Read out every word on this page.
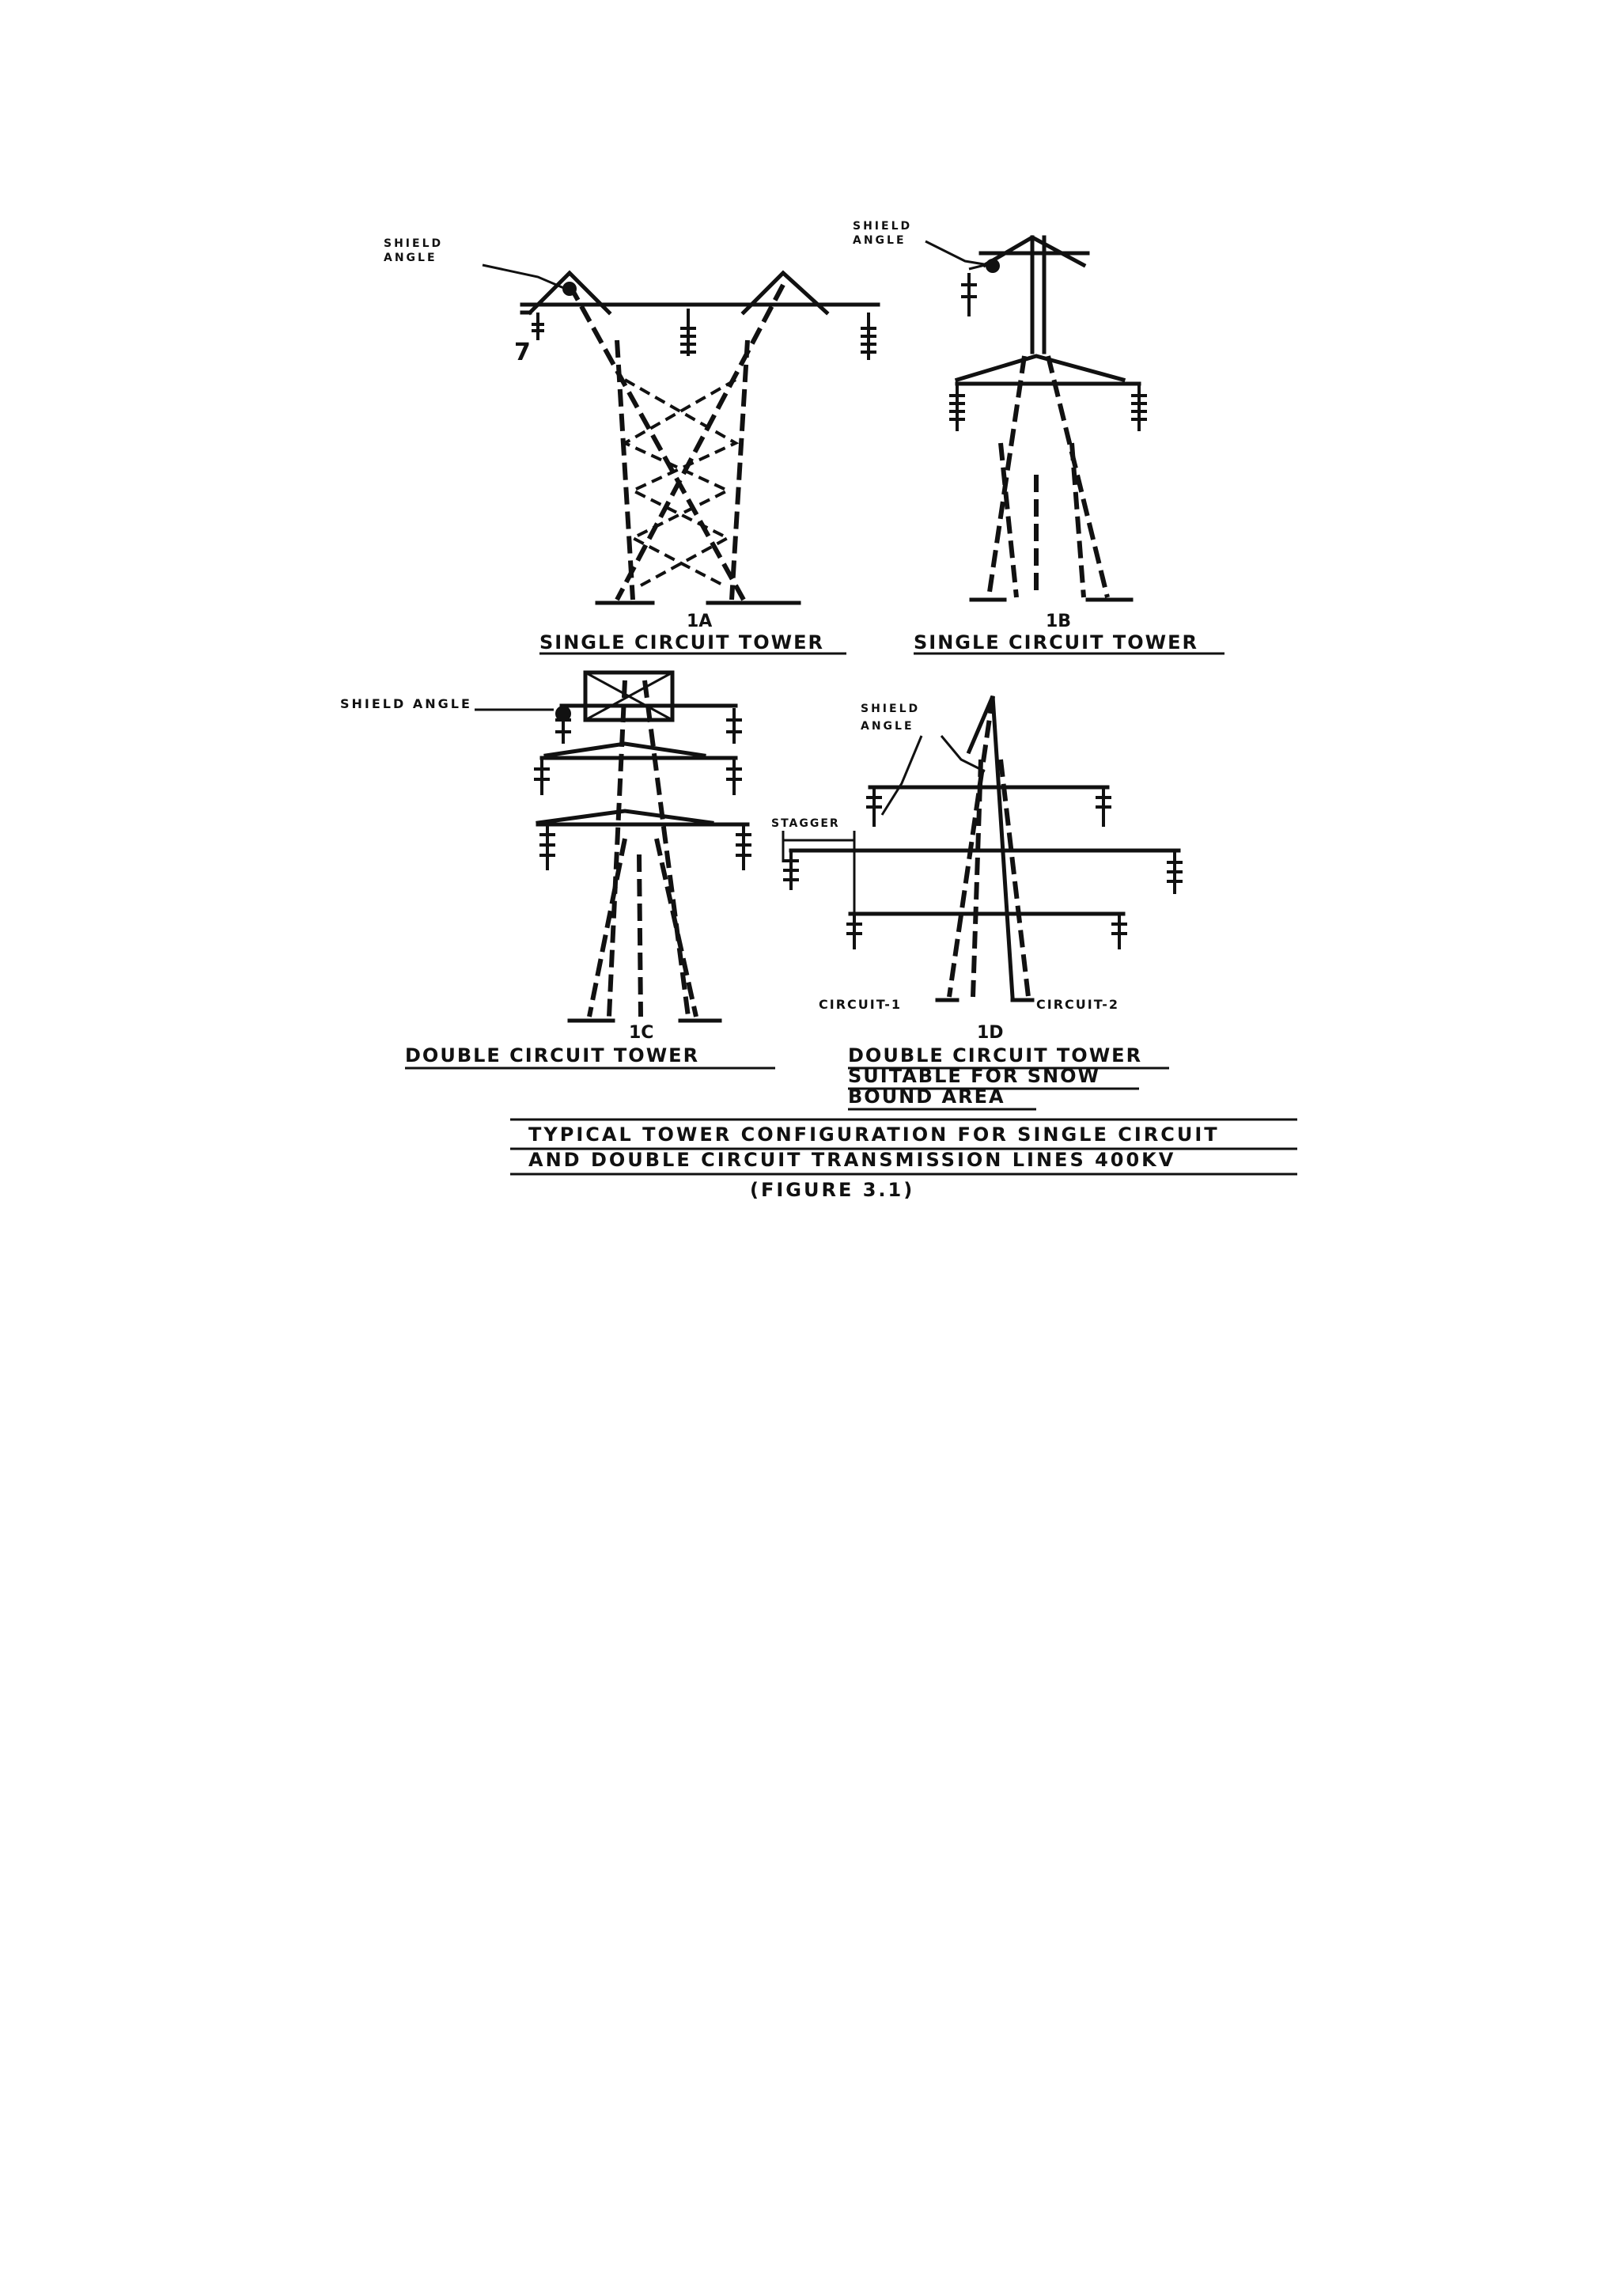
7
SHIELD
ANGLE
1A
SINGLE CIRCUIT TOWER
SHIELD
ANGLE
1B
SINGLE CIRCUIT TOWER
SHIELD ANGLE
1C
DOUBLE CIRCUIT TOWER
SHIELD
ANGLE
STAGGER
CIRCUIT-1	CIRCUIT-2
1D
DOUBLE CIRCUIT TOWER
SUITABLE FOR SNOW
BOUND AREA
TYPICAL TOWER CONFIGURATION FOR SINGLE CIRCUIT
AND DOUBLE CIRCUIT TRANSMISSION LINES 400KV
(FIGURE 3.1)
